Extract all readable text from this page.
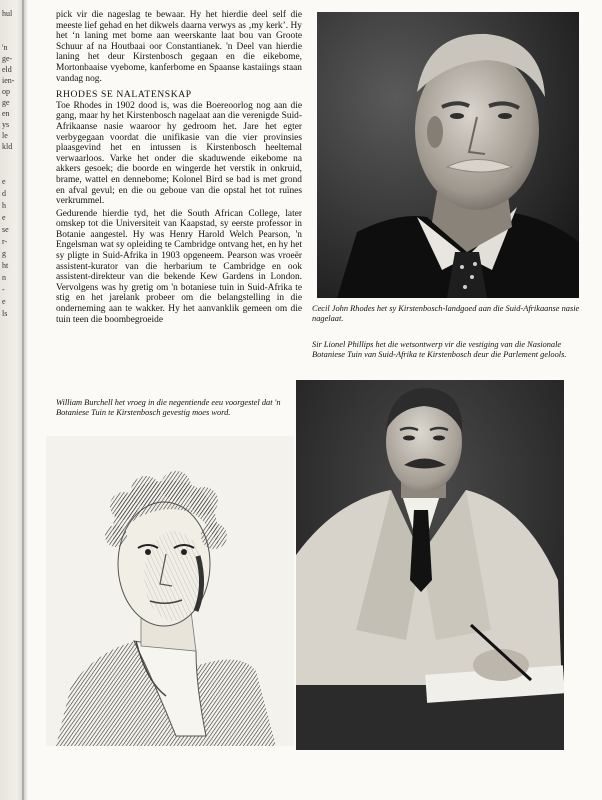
hul
'n
ge-
eld
ien-
op
ge
en
ys
le
kld
e
d
h
e
se
r-
g
ht
n
-
e
ls

pick vir die nageslag te bewaar. Hy het hierdie deel self die meeste lief gehad en het dikwels daarna verwys as ‚my kerk’. Hy het ‘n laning met bome aan weerskante laat bou van Groote Schuur af na Houtbaai oor Constantianek. 'n Deel van hierdie laning het deur Kirstenbosch gegaan en die eikebome, Mortonbaaise vyebome, kanferbome en Spaanse kastaiings staan vandag nog.

RHODES SE NALATENSKAP

Toe Rhodes in 1902 dood is, was die Boereoorlog nog aan die gang, maar hy het Kirstenbosch nagelaat aan die verenigde Suid-Afrikaanse nasie waaroor hy gedroom het. Jare het egter verbygegaan voordat die unifikasie van die vier provinsies plaasgevind het en intussen is Kirstenbosch heeltemal verwaarloos. Varke het onder die skaduwende eikebome na akkers gesoek; die boorde en wingerde het verstik in onkruid, brame, wattel en dennebome; Kolonel Bird se bad is met grond en afval gevul; en die ou geboue van die opstal het tot ruïnes verkrummel.

Gedurende hierdie tyd, het die South African College, later omskep tot die Universiteit van Kaapstad, sy eerste professor in Botanie aangestel. Hy was Henry Harold Welch Pearson, 'n Engelsman wat sy opleiding te Cambridge ontvang het, en hy het sy pligte in Suid-Afrika in 1903 opgeneem. Pearson was vroeër assistent-kurator van die herbarium te Cambridge en ook assistent-direkteur van die bekende Kew Gardens in London. Vervolgens was hy gretig om 'n botaniese tuin in Suid-Afrika te stig en het jarelank probeer om die belangstelling in die onderneming aan te wakker. Hy het aanvanklik gemeen om die tuin teen die boombegroeide

Cecil John Rhodes het sy Kirstenbosch-landgoed aan die Suid-Afrikaanse nasie nagelaat.
William Burchell het vroeg in die negentiende eeu voorgestel dat 'n Botaniese Tuin te Kirstenbosch gevestig moes word.
Sir Lionel Phillips het die wetsontwerp vir die vestiging van die Nasionale Botaniese Tuin van Suid-Afrika te Kirstenbosch deur die Parlement gelools.
